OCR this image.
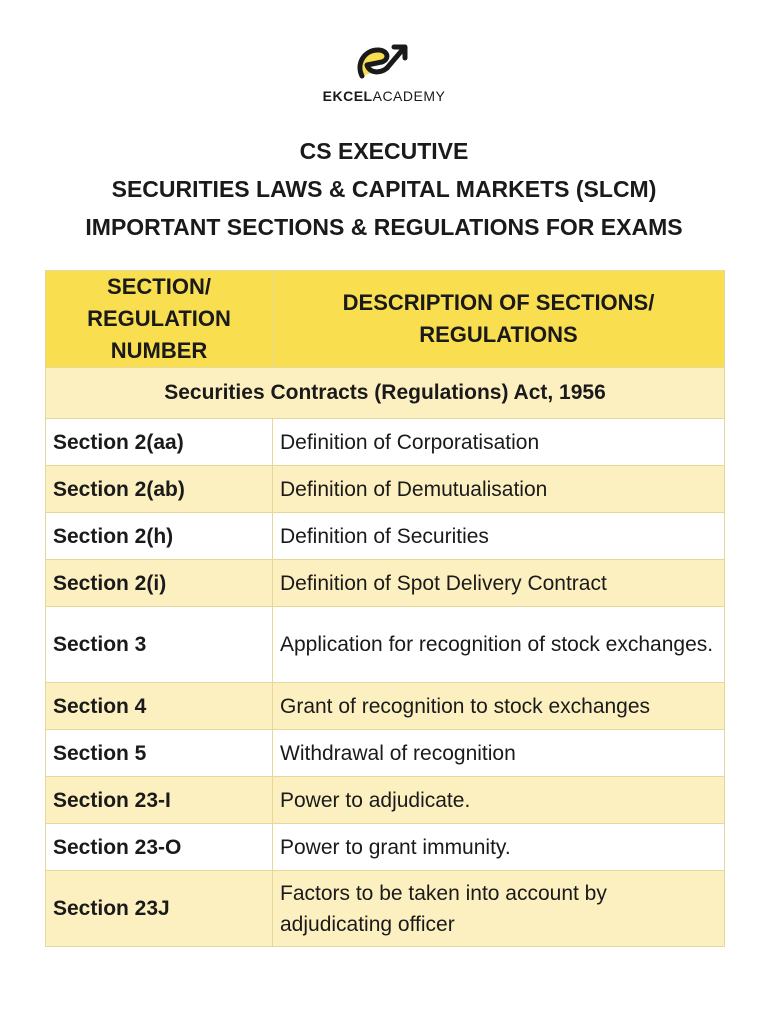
EKCELACADEMY
CS EXECUTIVE
SECURITIES LAWS & CAPITAL MARKETS (SLCM)
IMPORTANT SECTIONS & REGULATIONS FOR EXAMS
SECTION/ REGULATION NUMBER	DESCRIPTION OF SECTIONS/ REGULATIONS
Securities Contracts (Regulations) Act, 1956	
Section 2(aa)	Definition of Corporatisation
Section 2(ab)	Definition of Demutualisation
Section 2(h)	Definition of Securities
Section 2(i)	Definition of Spot Delivery Contract
Section 3	Application for recognition of stock exchanges.
Section 4	Grant of recognition to stock exchanges
Section 5	Withdrawal of recognition
Section 23-I	Power to adjudicate.
Section 23-O	Power to grant immunity.
Section 23J	Factors to be taken into account by adjudicating officer
